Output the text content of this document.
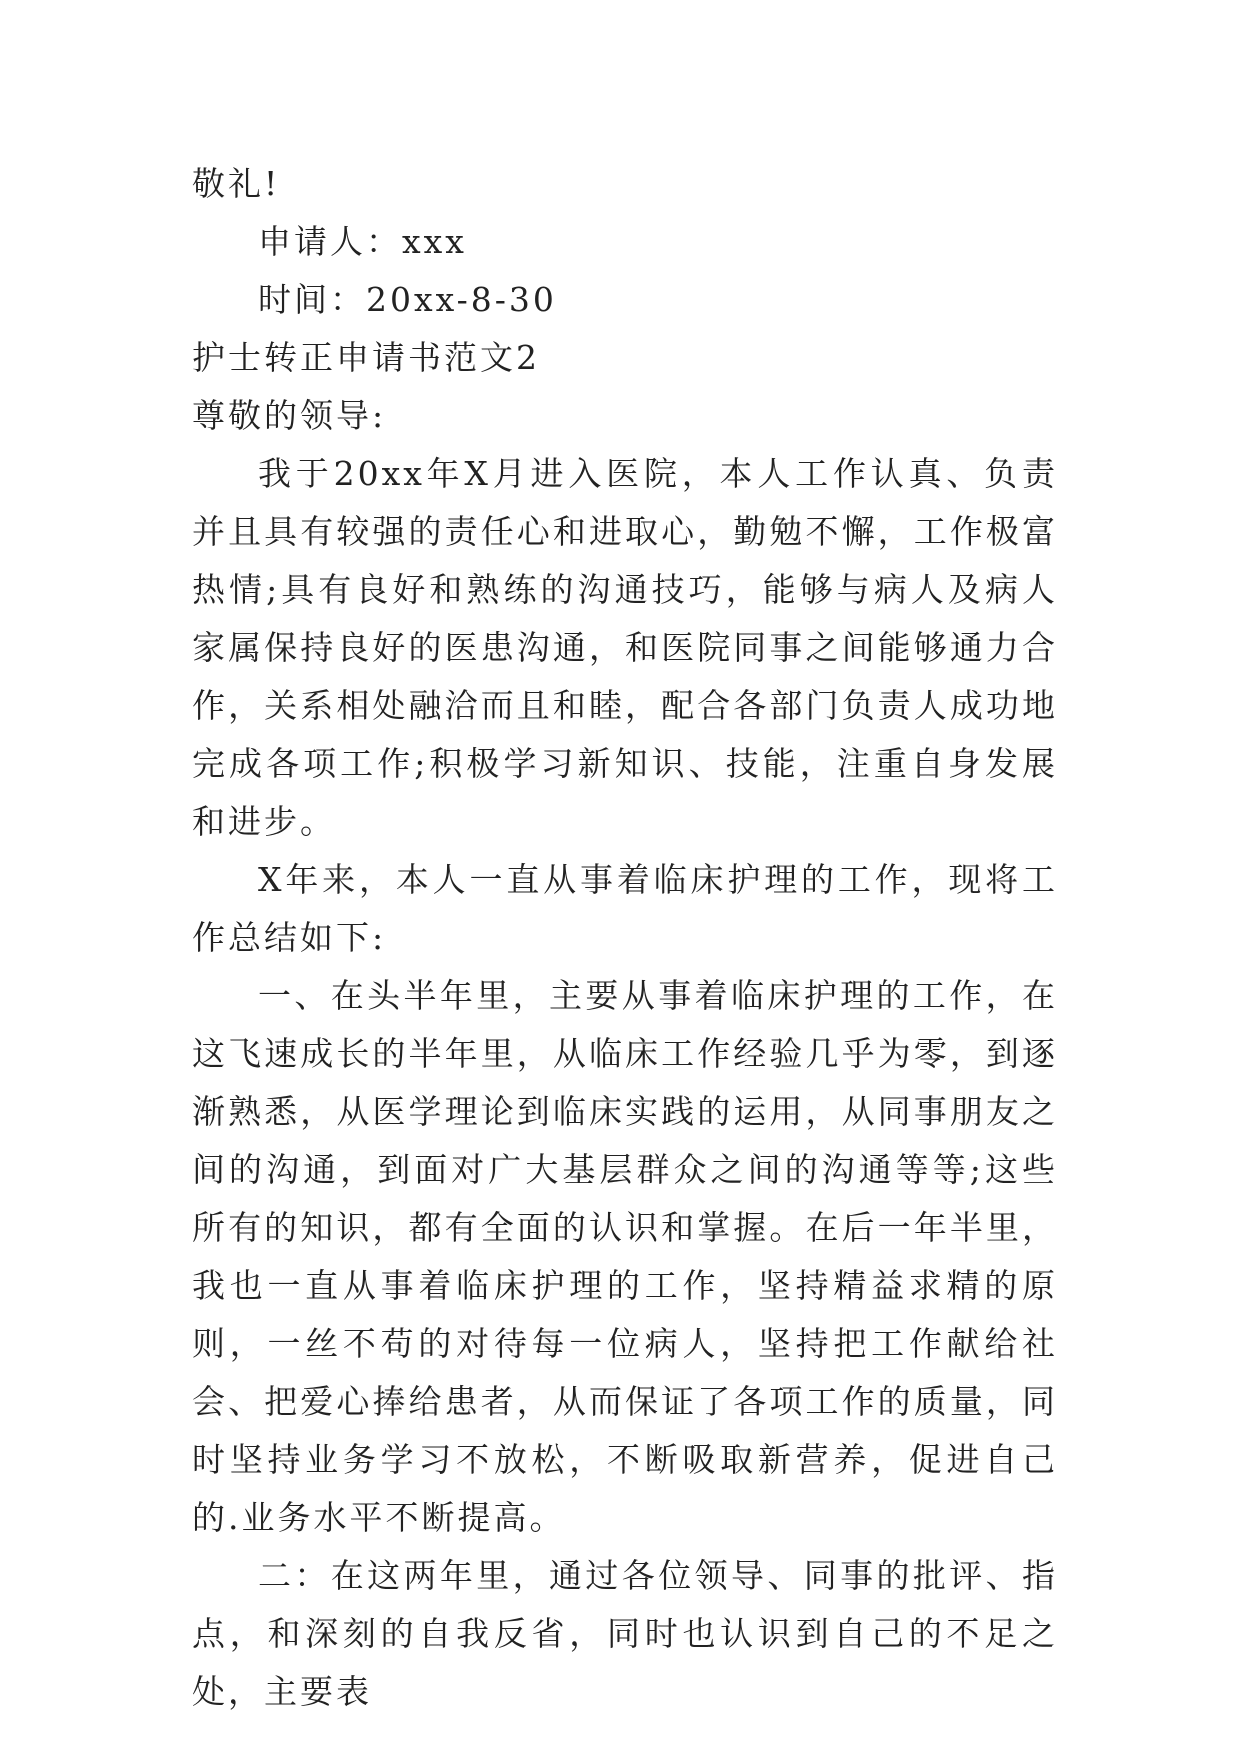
敬礼!

申请人：xxx

时间：20xx-8-30

护士转正申请书范文2

尊敬的领导:

我于20xx年X月进入医院，本人工作认真、负责并且具有较强的责任心和进取心，勤勉不懈，工作极富热情;具有良好和熟练的沟通技巧，能够与病人及病人家属保持良好的医患沟通，和医院同事之间能够通力合作，关系相处融洽而且和睦，配合各部门负责人成功地完成各项工作;积极学习新知识、技能，注重自身发展和进步。

X年来，本人一直从事着临床护理的工作，现将工作总结如下:

一、在头半年里，主要从事着临床护理的工作，在这飞速成长的半年里，从临床工作经验几乎为零，到逐渐熟悉，从医学理论到临床实践的运用，从同事朋友之间的沟通，到面对广大基层群众之间的沟通等等;这些所有的知识，都有全面的认识和掌握。在后一年半里，我也一直从事着临床护理的工作，坚持精益求精的原则，一丝不苟的对待每一位病人，坚持把工作献给社会、把爱心捧给患者，从而保证了各项工作的质量，同时坚持业务学习不放松，不断吸取新营养，促进自己的.业务水平不断提高。

二：在这两年里，通过各位领导、同事的批评、指点，和深刻的自我反省，同时也认识到自己的不足之处，主要表
